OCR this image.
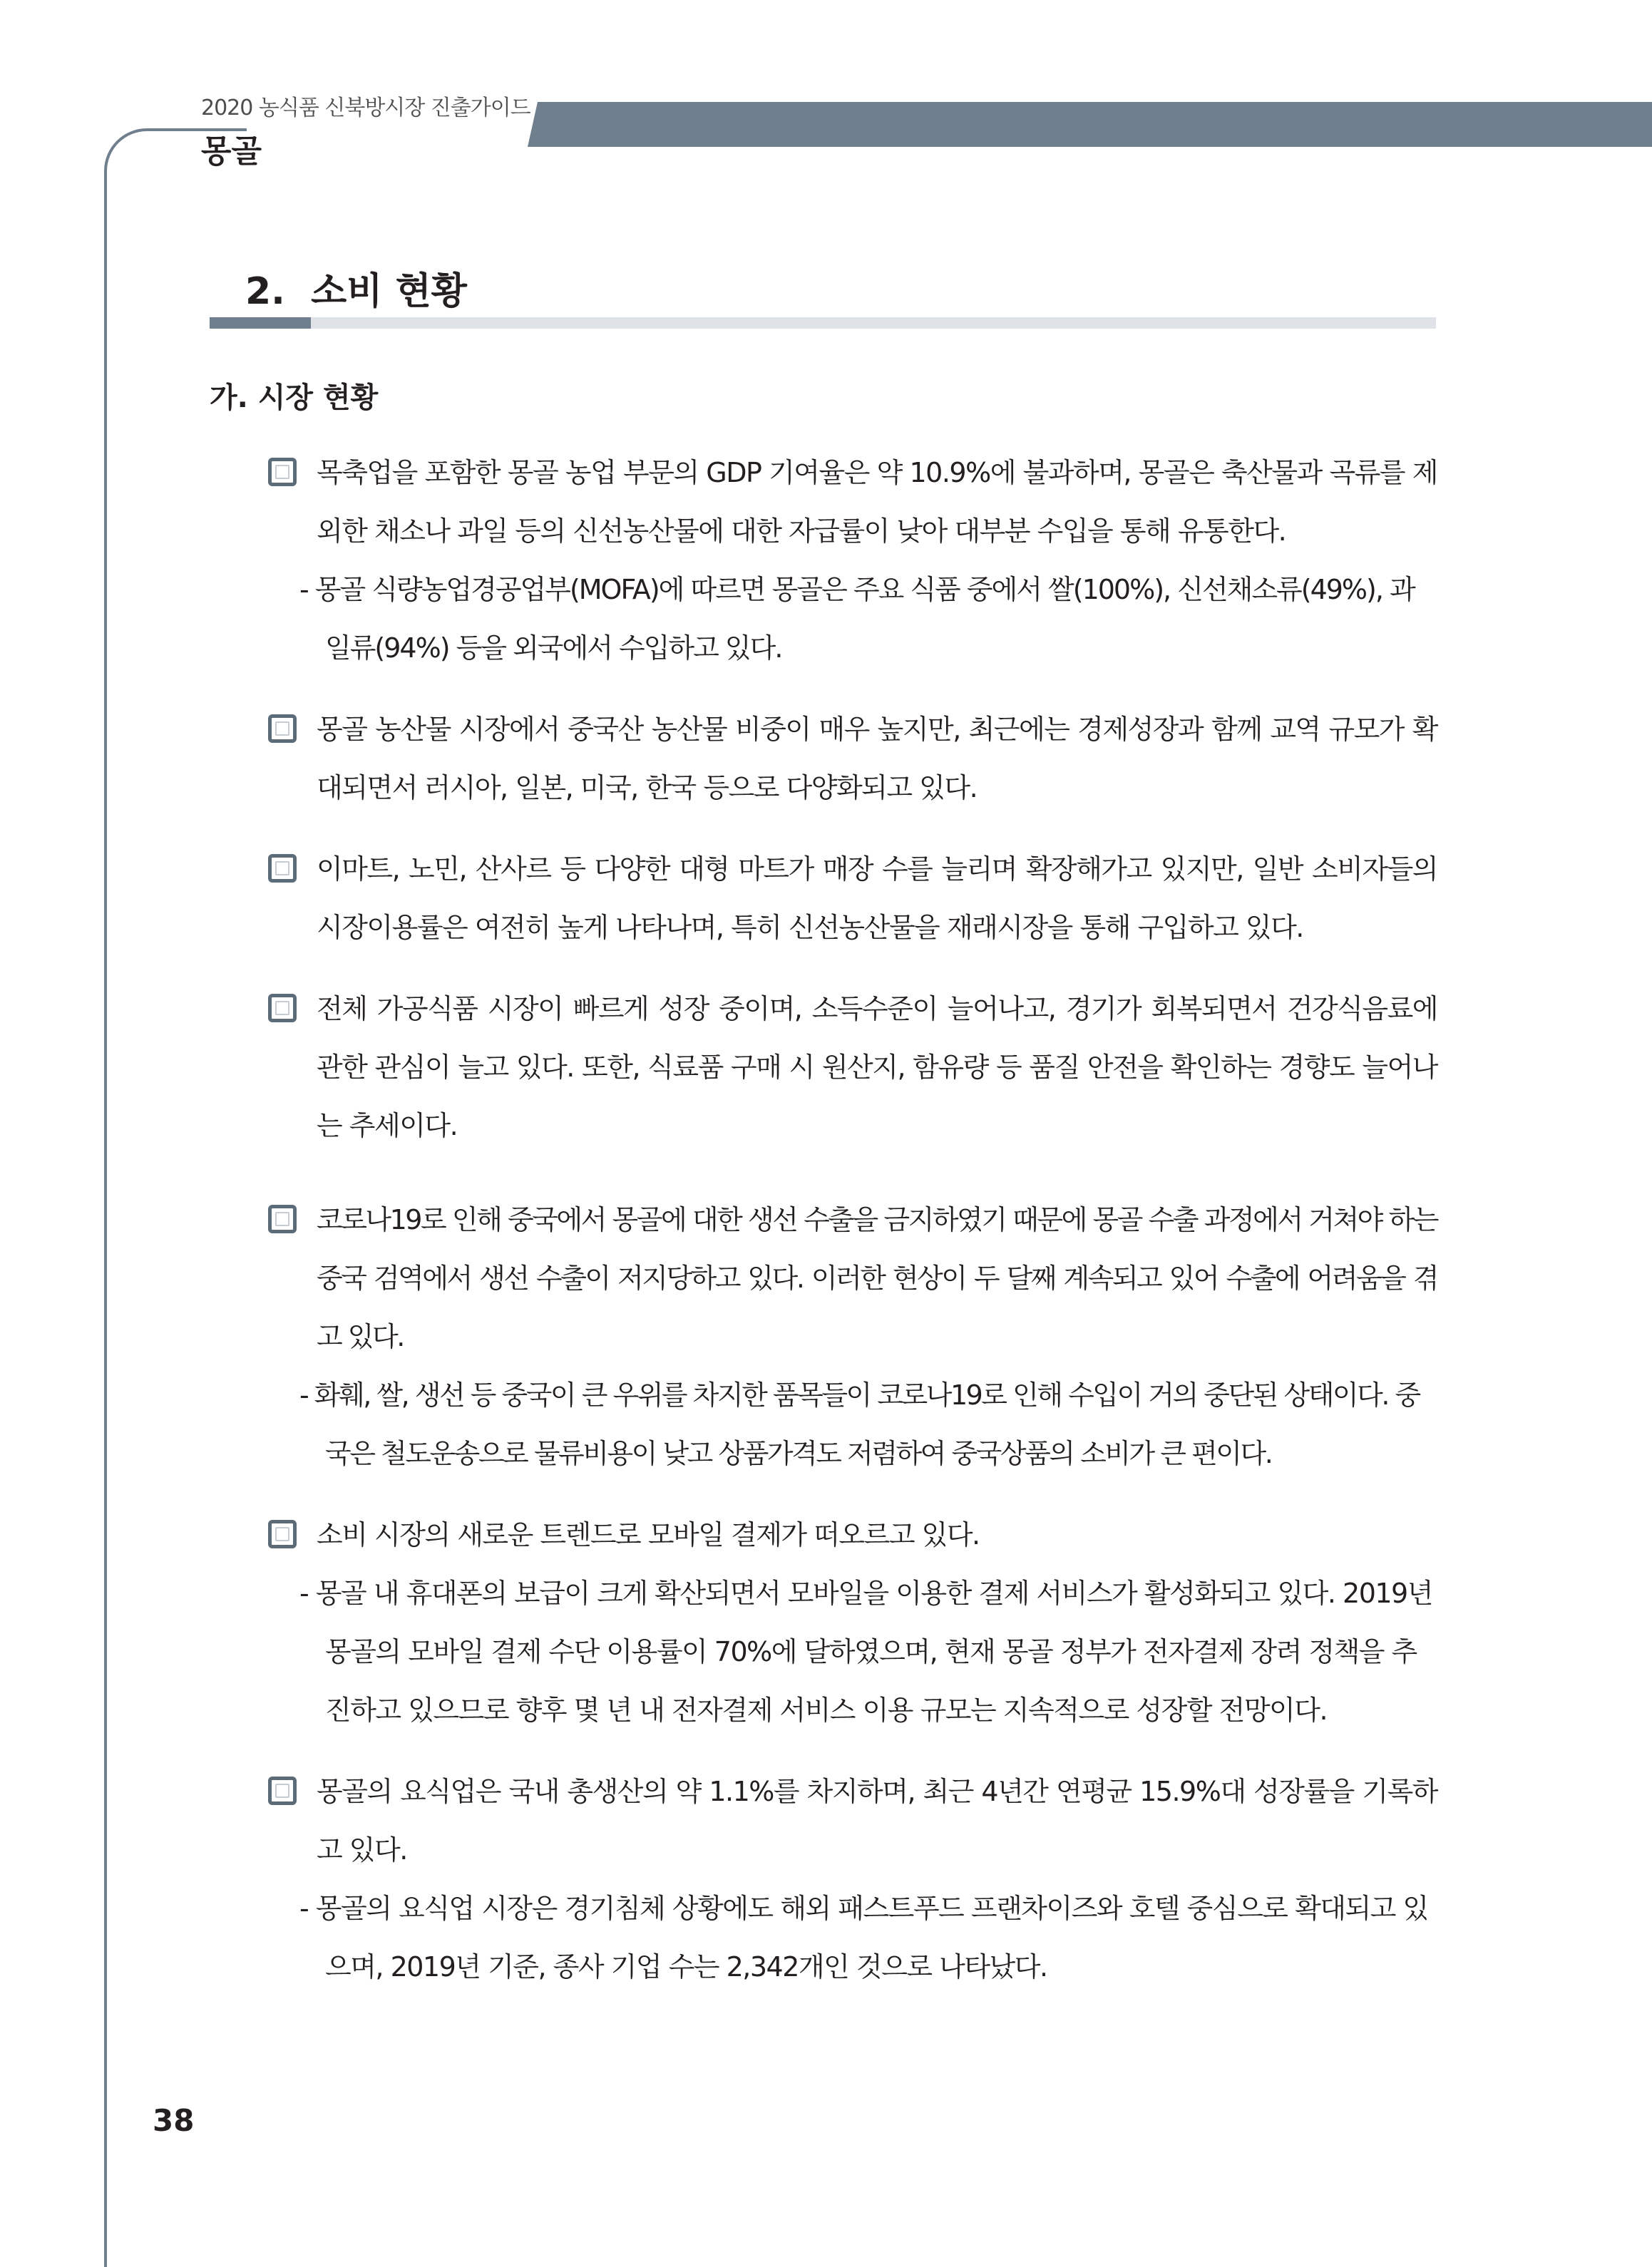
2020 농식품 신북방시장 진출가이드
몽골
2. 소비 현황
가. 시장 현황
목축업을 포함한 몽골 농업 부문의 GDP 기여율은 약 10.9%에 불과하며, 몽골은 축산물과 곡류를 제외한 채소나 과일 등의 신선농산물에 대한 자급률이 낮아 대부분 수입을 통해 유통한다.
- 몽골 식량농업경공업부(MOFA)에 따르면 몽골은 주요 식품 중에서 쌀(100%), 신선채소류(49%), 과일류(94%) 등을 외국에서 수입하고 있다.
몽골 농산물 시장에서 중국산 농산물 비중이 매우 높지만, 최근에는 경제성장과 함께 교역 규모가 확대되면서 러시아, 일본, 미국, 한국 등으로 다양화되고 있다.
이마트, 노민, 산사르 등 다양한 대형 마트가 매장 수를 늘리며 확장해가고 있지만, 일반 소비자들의 시장이용률은 여전히 높게 나타나며, 특히 신선농산물을 재래시장을 통해 구입하고 있다.
전체 가공식품 시장이 빠르게 성장 중이며, 소득수준이 늘어나고, 경기가 회복되면서 건강식음료에 관한 관심이 늘고 있다. 또한, 식료품 구매 시 원산지, 함유량 등 품질 안전을 확인하는 경향도 늘어나는 추세이다.
코로나19로 인해 중국에서 몽골에 대한 생선 수출을 금지하였기 때문에 몽골 수출 과정에서 거쳐야 하는 중국 검역에서 생선 수출이 저지당하고 있다. 이러한 현상이 두 달째 계속되고 있어 수출에 어려움을 겪고 있다.
- 화훼, 쌀, 생선 등 중국이 큰 우위를 차지한 품목들이 코로나19로 인해 수입이 거의 중단된 상태이다. 중국은 철도운송으로 물류비용이 낮고 상품가격도 저렴하여 중국상품의 소비가 큰 편이다.
소비 시장의 새로운 트렌드로 모바일 결제가 떠오르고 있다.
- 몽골 내 휴대폰의 보급이 크게 확산되면서 모바일을 이용한 결제 서비스가 활성화되고 있다. 2019년 몽골의 모바일 결제 수단 이용률이 70%에 달하였으며, 현재 몽골 정부가 전자결제 장려 정책을 추진하고 있으므로 향후 몇 년 내 전자결제 서비스 이용 규모는 지속적으로 성장할 전망이다.
몽골의 요식업은 국내 총생산의 약 1.1%를 차지하며, 최근 4년간 연평균 15.9%대 성장률을 기록하고 있다.
- 몽골의 요식업 시장은 경기침체 상황에도 해외 패스트푸드 프랜차이즈와 호텔 중심으로 확대되고 있으며, 2019년 기준, 종사 기업 수는 2,342개인 것으로 나타났다.
38
